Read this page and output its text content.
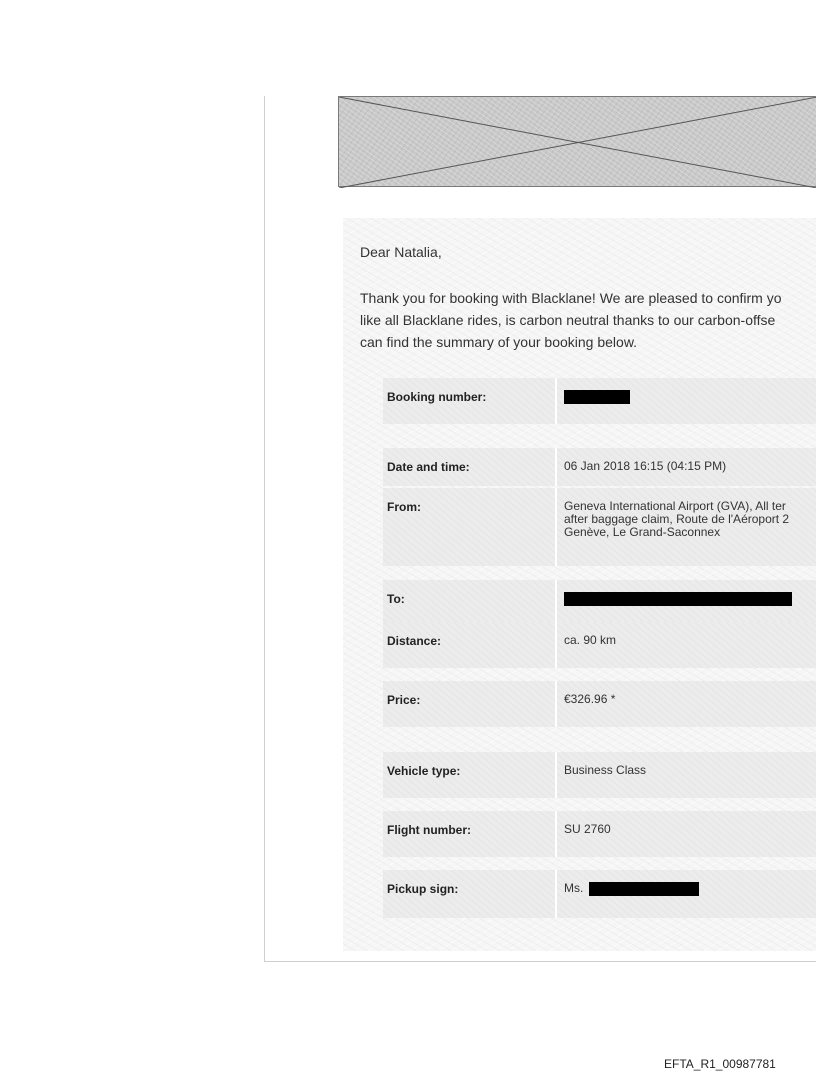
Dear Natalia,
Thank you for booking with Blacklane! We are pleased to confirm yo
like all Blacklane rides, is carbon neutral thanks to our carbon-offse
can find the summary of your booking below.
Booking number:
Date and time:	06 Jan 2018 16:15 (04:15 PM)
From:	Geneva International Airport (GVA), All ter
after baggage claim, Route de l'Aéroport 2
Genève, Le Grand-Saconnex
To:
Distance:	ca. 90 km
Price:	€326.96 *
Vehicle type:	Business Class
Flight number:	SU 2760
Pickup sign:	Ms.
EFTA_R1_00987781
